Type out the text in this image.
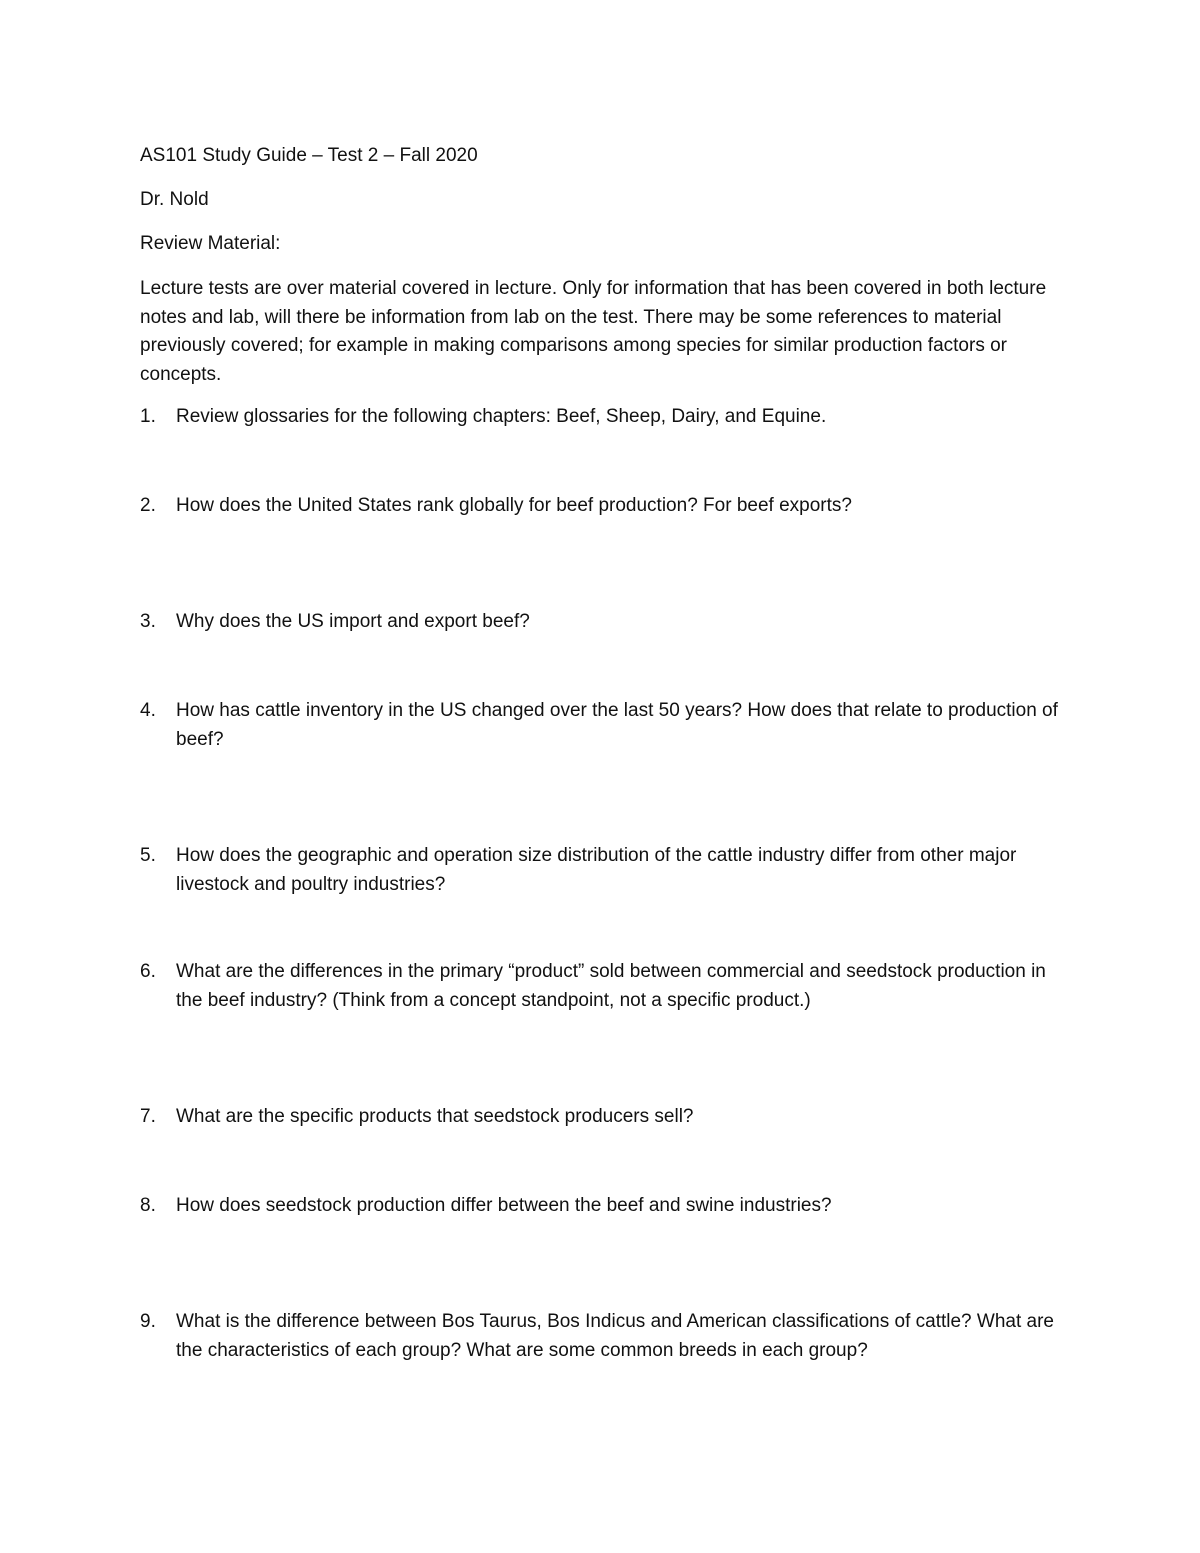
AS101 Study Guide – Test 2 – Fall 2020
Dr. Nold
Review Material:
Lecture tests are over material covered in lecture. Only for information that has been covered in both lecture notes and lab, will there be information from lab on the test. There may be some references to material previously covered; for example in making comparisons among species for similar production factors or concepts.
1.	Review glossaries for the following chapters: Beef, Sheep, Dairy, and Equine.
2.	How does the United States rank globally for beef production? For beef exports?
3.	Why does the US import and export beef?
4.	How has cattle inventory in the US changed over the last 50 years? How does that relate to production of beef?
5.	How does the geographic and operation size distribution of the cattle industry differ from other major livestock and poultry industries?
6.	What are the differences in the primary “product” sold between commercial and seedstock production in the beef industry? (Think from a concept standpoint, not a specific product.)
7.	What are the specific products that seedstock producers sell?
8.	How does seedstock production differ between the beef and swine industries?
9.	What is the difference between Bos Taurus, Bos Indicus and American classifications of cattle? What are the characteristics of each group? What are some common breeds in each group?
